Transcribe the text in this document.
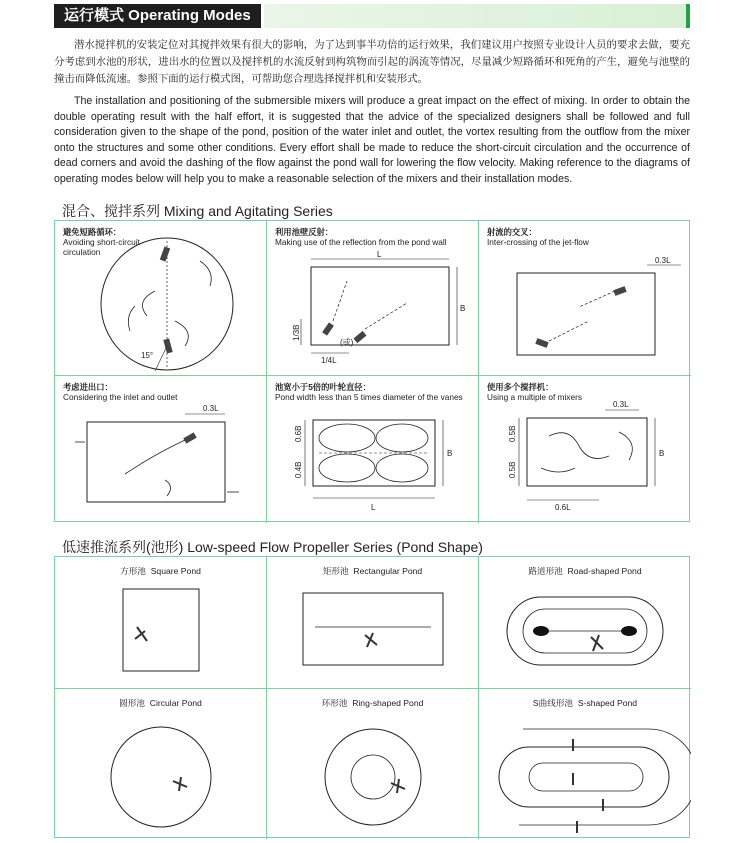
运行模式 Operating Modes

潜水搅拌机的安装定位对其搅拌效果有很大的影响，为了达到事半功倍的运行效果，我们建议用户按照专业设计人员的要求去做，要充分考虑到水池的形状，进出水的位置以及搅拌机的水流反射到构筑物而引起的涡流等情况，尽量减少短路循环和死角的产生，避免与池壁的撞击而降低流速。参照下面的运行模式图，可帮助您合理选择搅拌机和安装形式。

The installation and positioning of the submersible mixers will produce a great impact on the effect of mixing. In order to obtain the double operating result with the half effort, it is suggested that the advice of the specialized designers shall be followed and full consideration given to the shape of the pond, position of the water inlet and outlet, the vortex resulting from the outflow from the mixer onto the structures and some other conditions. Every effort shall be made to reduce the short-circuit circulation and the occurrence of dead corners and avoid the dashing of the flow against the pond wall for lowering the flow velocity. Making reference to the diagrams of operating modes below will help you to make a reasonable selection of the mixers and their installation modes.

混合、搅拌系列 Mixing and Agitating Series
避免短路循环：
Avoiding short-circuit circulation
15°
利用池壁反射：
Making use of the reflection from the pond wall
L
B
1/3B
1/4L
(或)
射流的交叉：
Inter-crossing of the jet-flow
0.3L
考虑进出口：
Considering the inlet and outlet
0.3L
池宽小于5倍的叶轮直径：
Pond width less than 5 times diameter of the vanes
B
0.6B
0.4B
L
使用多个搅拌机：
Using a multiple of mixers
0.3L
B
0.5B
0.5B
0.6L
低速推流系列(池形) Low-speed Flow Propeller Series (Pond Shape)
方形池 Square Pond	矩形池 Rectangular Pond	路道形池 Road-shaped Pond
圆形池 Circular Pond	环形池 Ring-shaped Pond	S曲线形池 S-shaped Pond
